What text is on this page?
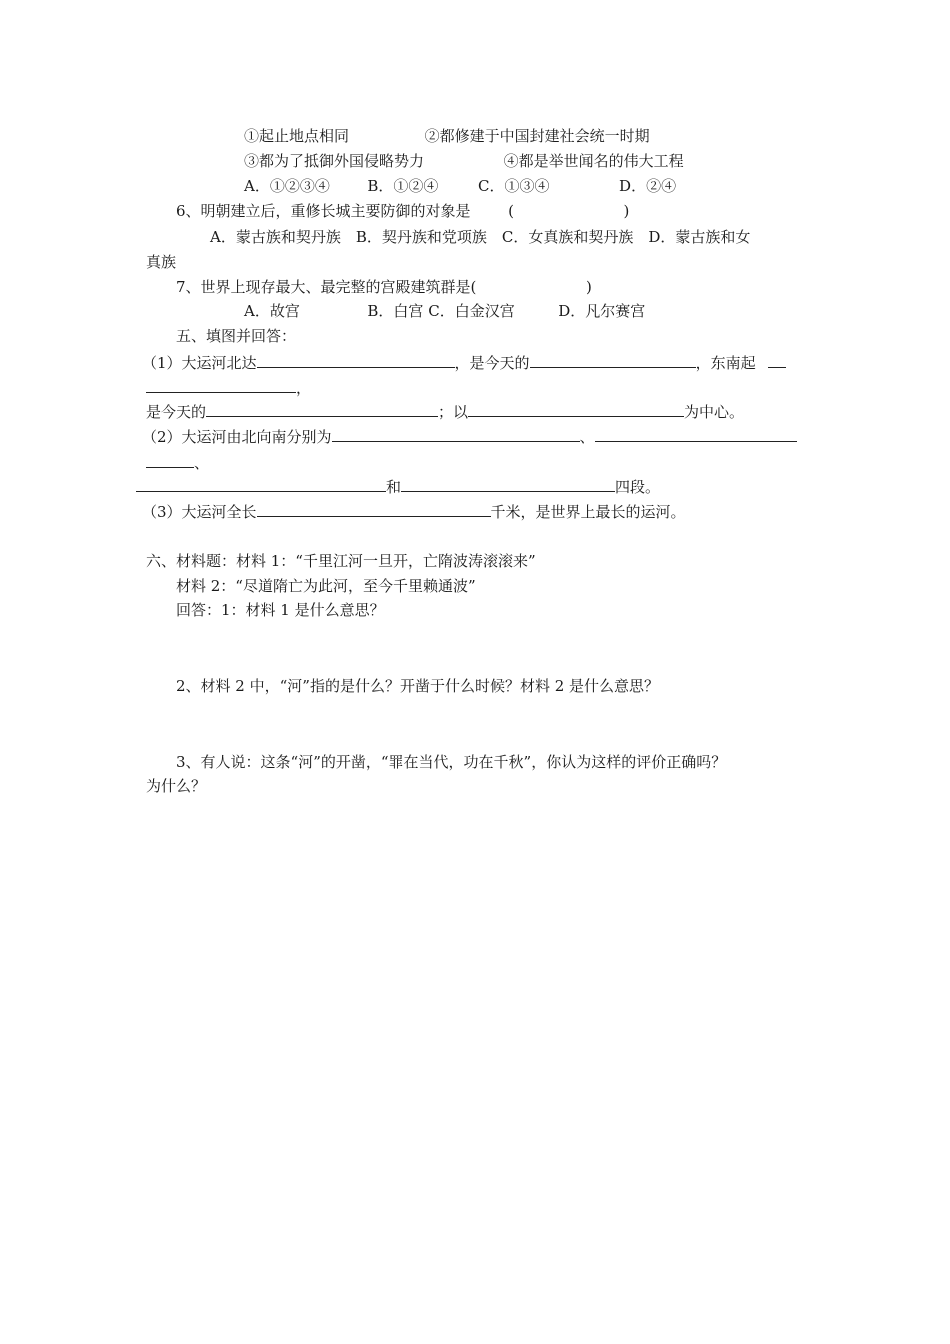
①起止地点相同	②都修建于中国封建社会统一时期
③都为了抵御外国侵略势力	④都是举世闻名的伟大工程
A．①②③④	B．①②④	C．①③④	D．②④
6、明朝建立后，重修长城主要防御的对象是	(	)
A．蒙古族和契丹族　B．契丹族和党项族　C．女真族和契丹族　D．蒙古族和女
真族
7、世界上现存最大、最完整的宫殿建筑群是(	)
A．故宫	B．白宫 C．白金汉宫	D．凡尔赛宫
五、填图并回答：
（1）大运河北达	，是今天的	，东南起
，
是今天的	；以	为中心。
（2）大运河由北向南分别为	、
、
和	四段。
（3）大运河全长	千米，是世界上最长的运河。
六、材料题：材料 1：“千里江河一旦开，亡隋波涛滚滚来”
材料 2：“尽道隋亡为此河，至今千里赖通波”
回答：1：材料 1 是什么意思？
2、材料 2 中，“河”指的是什么？开凿于什么时候？材料 2 是什么意思？
3、有人说：这条“河”的开凿，“罪在当代，功在千秋”，你认为这样的评价正确吗？
为什么？
